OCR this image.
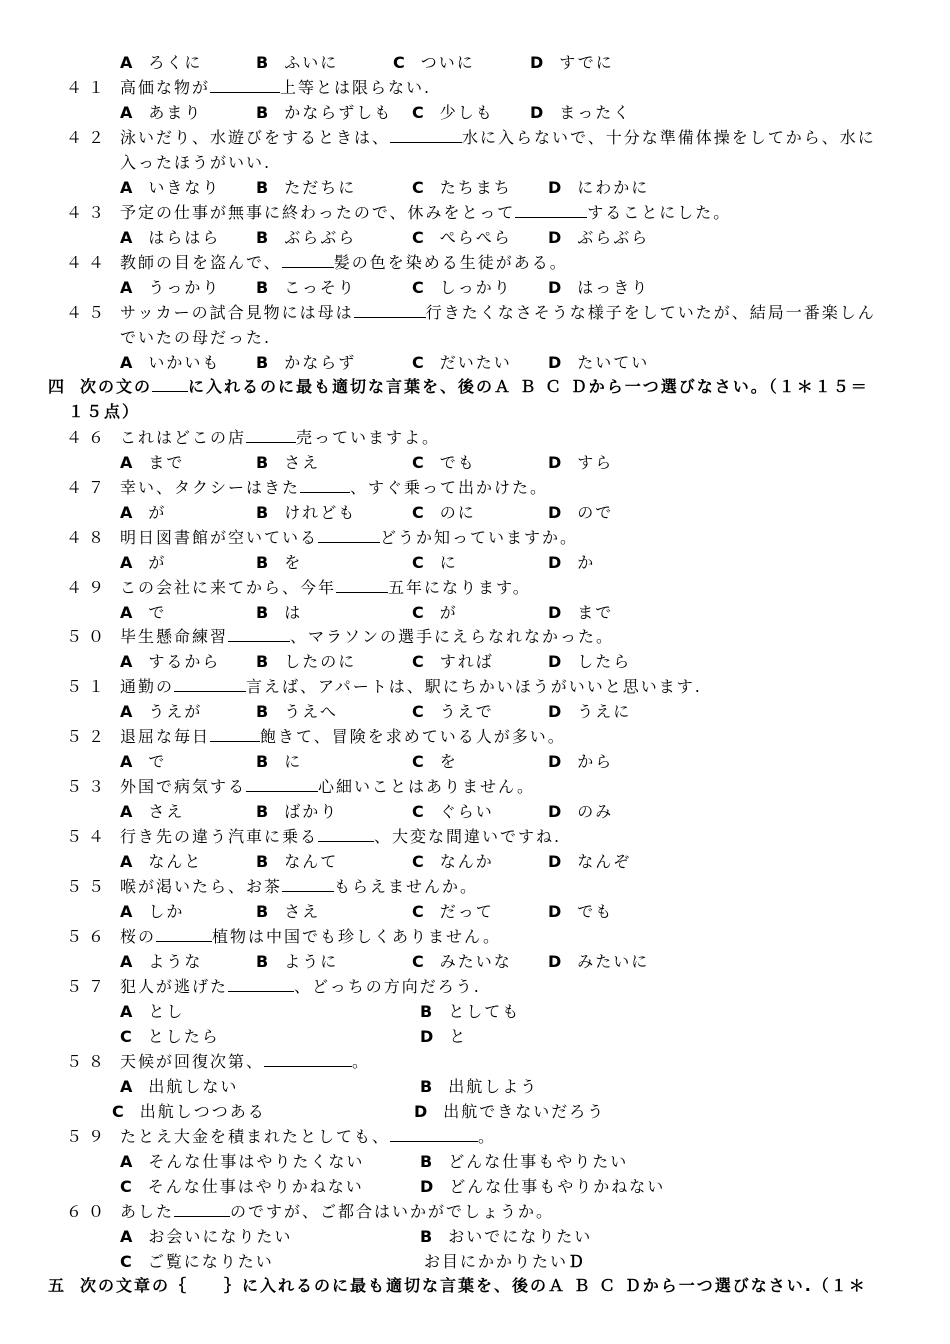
A ろくに	B ふいに	C ついに	D すでに
４１ 高価な物が	上等とは限らない.
A あまり	B かならずしも C 少しも D まったく
４２ 泳いだり、水遊びをするときは、	水に入らないで、十分な準備体操をしてから、水に
入ったほうがいい.
A いきなり B ただちに	C たちまち D にわかに
４３ 予定の仕事が無事に終わったので、休みをとって	することにした。
A はらはら B ぶらぶら	C ぺらぺら D ぶらぶら
４４ 教師の目を盗んで、	髪の色を染める生徒がある。
A うっかり B こっそり	C しっかり D はっきり
４５ サッカーの試合見物には母は	行きたくなさそうな様子をしていたが、結局一番楽しん
でいたの母だった.
A いかいも B かならず	C だいたい D たいてい
四 次の文の に入れるのに最も適切な言葉を、後のＡ Ｂ Ｃ Ｄから一つ選びなさい。（１＊１５＝
１５点）
４６ これはどこの店	売っていますよ。
A まで	B さえ	C でも	D すら
４７ 幸い、タクシーはきた	、すぐ乗って出かけた。
A が	B けれども	C のに	D ので
４８ 明日図書館が空いている	どうか知っていますか。
A が	B を	C に	D か
４９ この会社に来てから、今年	五年になります。
A で	B は	C が	D まで
５０ 毕生懸命練習	、マラソンの選手にえらなれなかった。
A するから B したのに	C すれば	D したら
５１ 通勤の	言えば、アパートは、駅にちかいほうがいいと思います.
A うえが	B うえへ	C うえで	D うえに
５２ 退屈な毎日	飽きて、冒険を求めている人が多い。
A で	B に	C を	D から
５３ 外国で病気する	心細いことはありません。
A さえ	B ばかり	C ぐらい	D のみ
５４ 行き先の違う汽車に乗る	、大変な間違いですね.
A なんと	B なんて	C なんか	D なんぞ
５５ 喉が渇いたら、お茶	もらえませんか。
A しか	B さえ	C だって	D でも
５６ 桜の	植物は中国でも珍しくありません。
A ような	B ように	C みたいな D みたいに
５７ 犯人が逃げた	、どっちの方向だろう.
A とし	B としても
C としたら	D と
５８ 天候が回復次第、	。
A 出航しない	B 出航しよう
C 出航しつつある	D 出航できないだろう
５９ たとえ大金を積まれたとしても、	。
A そんな仕事はやりたくない	B どんな仕事もやりたい
C そんな仕事はやりかねない	D どんな仕事もやりかねない
６０ あした	のですが、ご都合はいかがでしょうか。
A お会いになりたい	B おいでになりたい
C ご覧になりたい	お目にかかりたいＤ
五 次の文章の｛　　｝に入れるのに最も適切な言葉を、後のＡ Ｂ Ｃ Ｄから一つ選びなさい.（１＊
